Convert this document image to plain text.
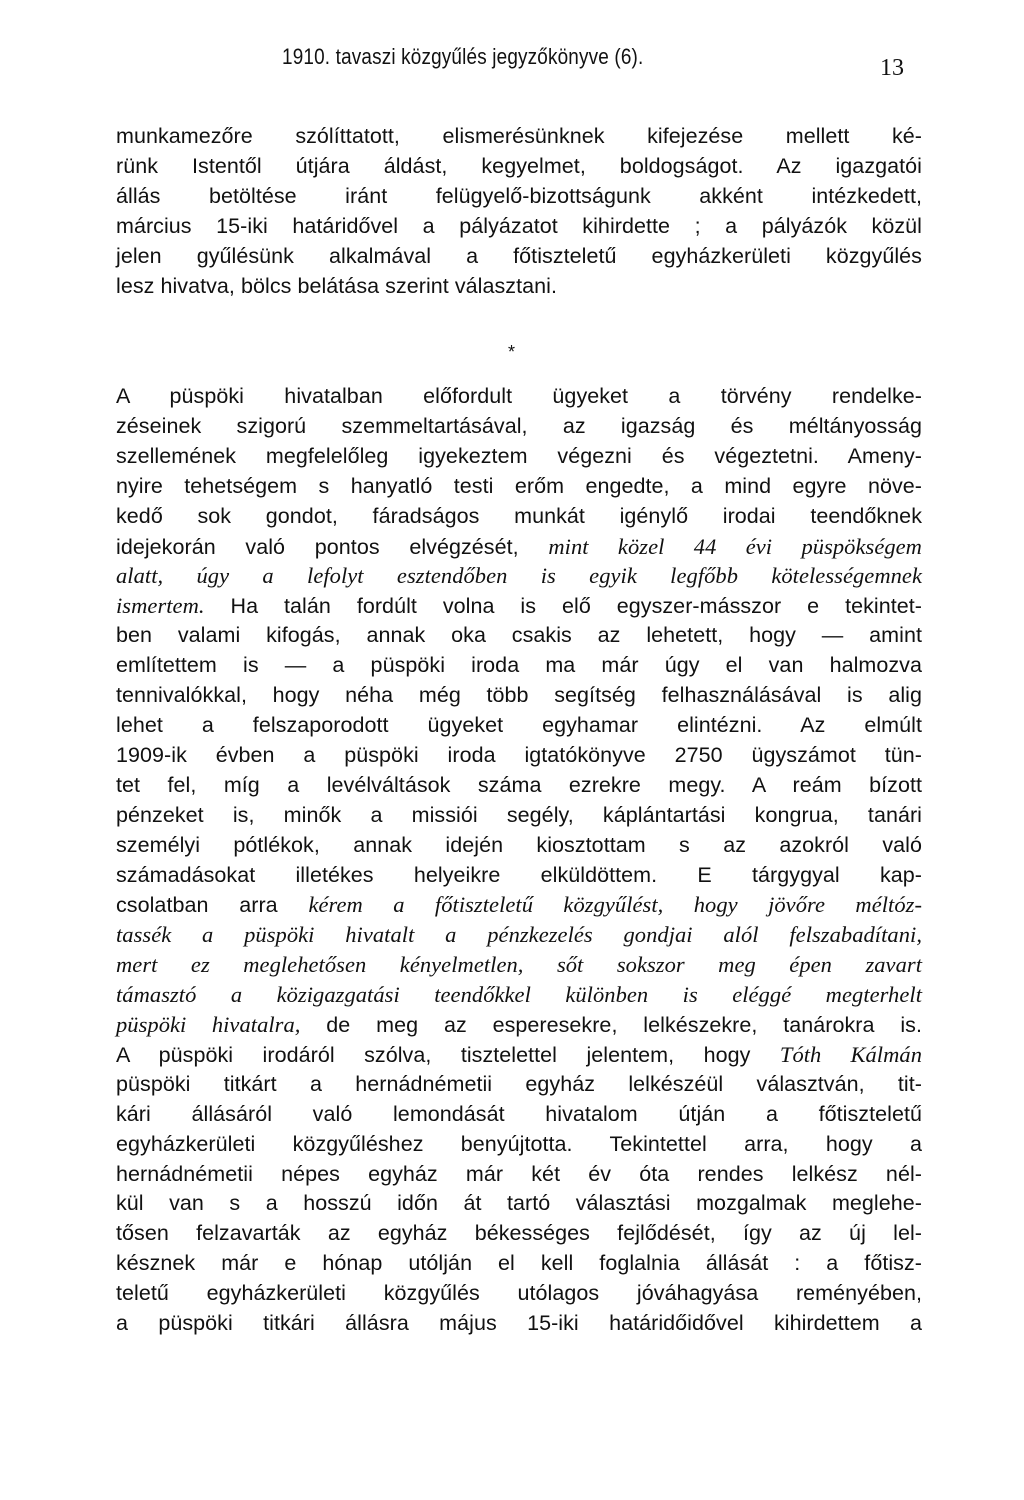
1910. tavaszi közgyűlés jegyzőkönyve (6).	13
munkamezőre szólíttatott, elismerésünknek kifejezése mellett ké-
rünk Istentől útjára áldást, kegyelmet, boldogságot. Az igazgatói
állás betöltése iránt felügyelő-bizottságunk akként intézkedett,
március 15-iki határidővel a pályázatot kihirdette ; a pályázók közül
jelen gyűlésünk alkalmával a főtiszteletű egyházkerületi közgyűlés
lesz hivatva, bölcs belátása szerint választani.
*
A püspöki hivatalban előfordult ügyeket a törvény rendelke-
zéseinek szigorú szemmeltartásával, az igazság és méltányosság
szellemének megfelelőleg igyekeztem végezni és végeztetni. Ameny-
nyire tehetségem s hanyatló testi erőm engedte, a mind egyre növe-
kedő sok gondot, fáradságos munkát igénylő irodai teendőknek
idejekorán való pontos elvégzését, mint közel 44 évi püspökségem
alatt, úgy a lefolyt esztendőben is egyik legfőbb kötelességemnek
ismertem. Ha talán fordúlt volna is elő egyszer-másszor e tekintet-
ben valami kifogás, annak oka csakis az lehetett, hogy — amint
említettem is — a püspöki iroda ma már úgy el van halmozva
tennivalókkal, hogy néha még több segítség felhasználásával is alig
lehet a felszaporodott ügyeket egyhamar elintézni. Az elmúlt
1909-ik évben a püspöki iroda igtatókönyve 2750 ügyszámot tün-
tet fel, míg a levélváltások száma ezrekre megy. A reám bízott
pénzeket is, minők a missiói segély, káplántartási kongrua, tanári
személyi pótlékok, annak idején kiosztottam s az azokról való
számadásokat illetékes helyeikre elküldöttem. E tárgygyal kap-
csolatban arra kérem a főtiszteletű közgyűlést, hogy jövőre méltóz-
tassék a püspöki hivatalt a pénzkezelés gondjai alól felszabadítani,
mert ez meglehetősen kényelmetlen, sőt sokszor meg épen zavart
támasztó a közigazgatási teendőkkel különben is eléggé megterhelt
püspöki hivatalra, de meg az esperesekre, lelkészekre, tanárokra is.
A püspöki irodáról szólva, tisztelettel jelentem, hogy Tóth Kálmán
püspöki titkárt a hernádnémetii egyház lelkészéül választván, tit-
kári állásáról való lemondását hivatalom útján a főtiszteletű
egyházkerületi közgyűléshez benyújtotta. Tekintettel arra, hogy a
hernádnémetii népes egyház már két év óta rendes lelkész nél-
kül van s a hosszú időn át tartó választási mozgalmak meglehe-
tősen felzavarták az egyház békességes fejlődését, így az új lel-
késznek már e hónap utólján el kell foglalnia állását : a főtisz-
teletű egyházkerületi közgyűlés utólagos jóváhagyása reményében,
a püspöki titkári állásra május 15-iki határidőidővel kihirdettem a
